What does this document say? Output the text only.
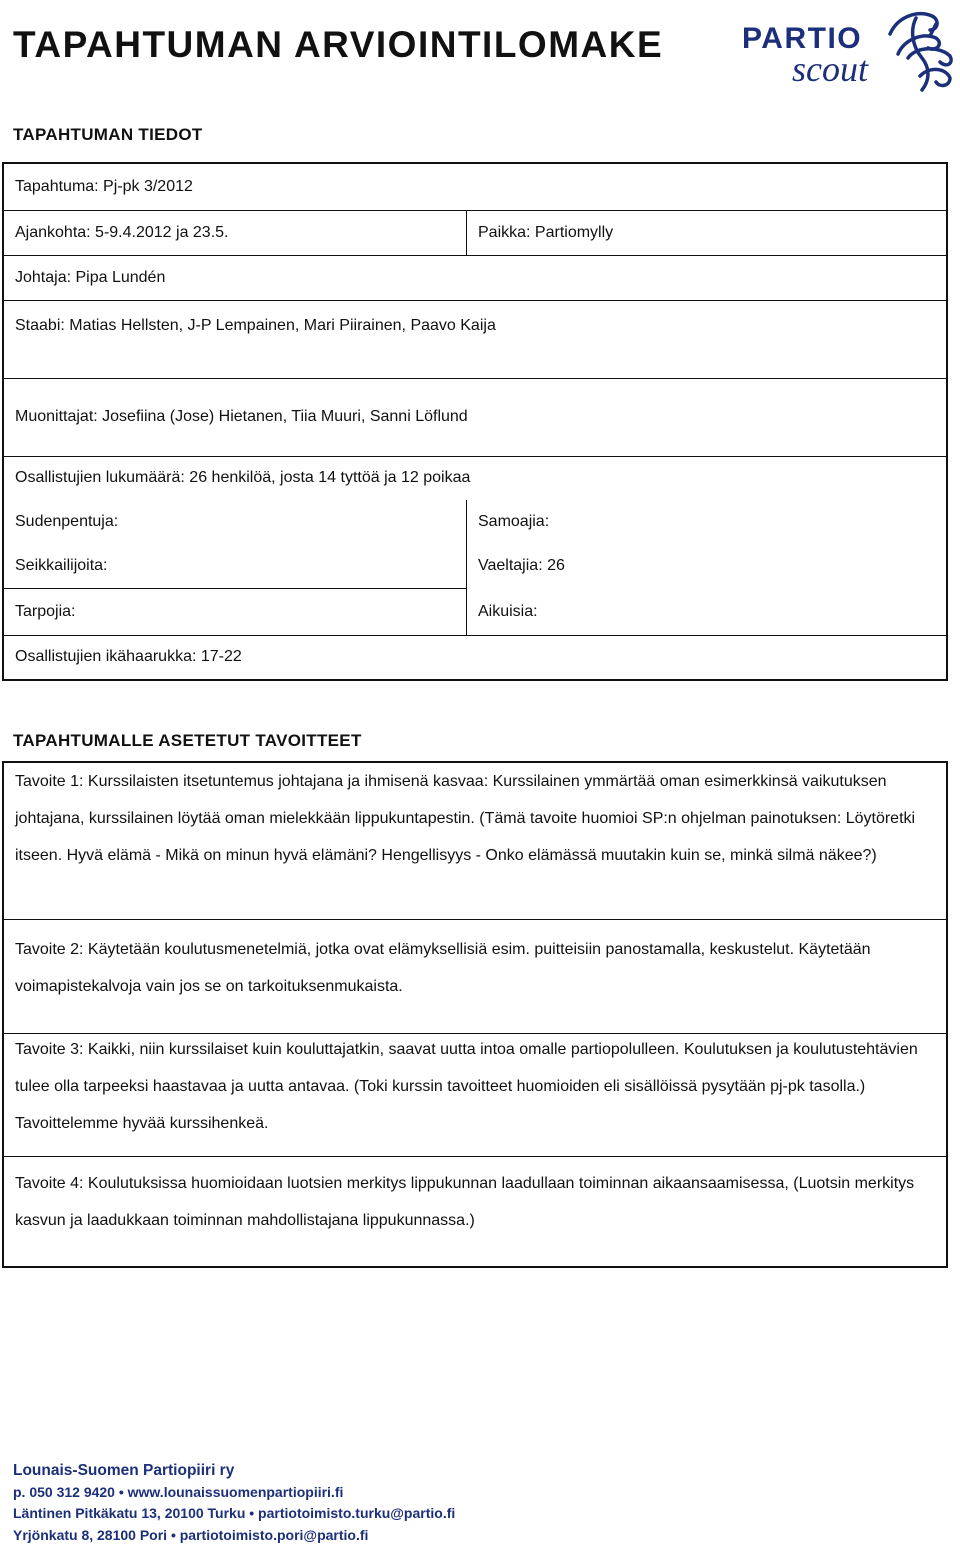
TAPAHTUMAN ARVIOINTILOMAKE	PARTIO
scout
TAPAHTUMAN TIEDOT
Tapahtuma: Pj-pk 3/2012
Ajankohta: 5-9.4.2012 ja 23.5.	Paikka: Partiomylly
Johtaja: Pipa Lundén
Staabi: Matias Hellsten, J-P Lempainen, Mari Piirainen, Paavo Kaija
Muonittajat: Josefiina (Jose) Hietanen, Tiia Muuri, Sanni Löflund
Osallistujien lukumäärä: 26 henkilöä, josta 14 tyttöä ja 12 poikaa
Sudenpentuja:	Samoajia:
Seikkailijoita:	Vaeltajia: 26
Tarpojia:	Aikuisia:
Osallistujien ikähaarukka: 17-22
TAPAHTUMALLE ASETETUT TAVOITTEET
Tavoite 1: Kurssilaisten itsetuntemus johtajana ja ihmisenä kasvaa: Kurssilainen ymmärtää oman esimerkkinsä vaikutuksen johtajana, kurssilainen löytää oman mielekkään lippukuntapestin. (Tämä tavoite huomioi SP:n ohjelman painotuksen: Löytöretki itseen. Hyvä elämä - Mikä on minun hyvä elämäni? Hengellisyys - Onko elämässä muutakin kuin se, minkä silmä näkee?)
Tavoite 2: Käytetään koulutusmenetelmiä, jotka ovat elämyksellisiä esim. puitteisiin panostamalla, keskustelut. Käytetään voimapistekalvoja vain jos se on tarkoituksenmukaista.
Tavoite 3: Kaikki, niin kurssilaiset kuin kouluttajatkin, saavat uutta intoa omalle partiopolulleen. Koulutuksen ja koulutustehtävien tulee olla tarpeeksi haastavaa ja uutta antavaa. (Toki kurssin tavoitteet huomioiden eli sisällöissä pysytään pj-pk tasolla.) Tavoittelemme hyvää kurssihenkeä.
Tavoite 4: Koulutuksissa huomioidaan luotsien merkitys lippukunnan laadullaan toiminnan aikaansaamisessa, (Luotsin merkitys kasvun ja laadukkaan toiminnan mahdollistajana lippukunnassa.)
Lounais-Suomen Partiopiiri ry
p. 050 312 9420 • www.lounaissuomenpartiopiiri.fi
Läntinen Pitkäkatu 13, 20100 Turku • partiotoimisto.turku@partio.fi
Yrjönkatu 8, 28100 Pori • partiotoimisto.pori@partio.fi
